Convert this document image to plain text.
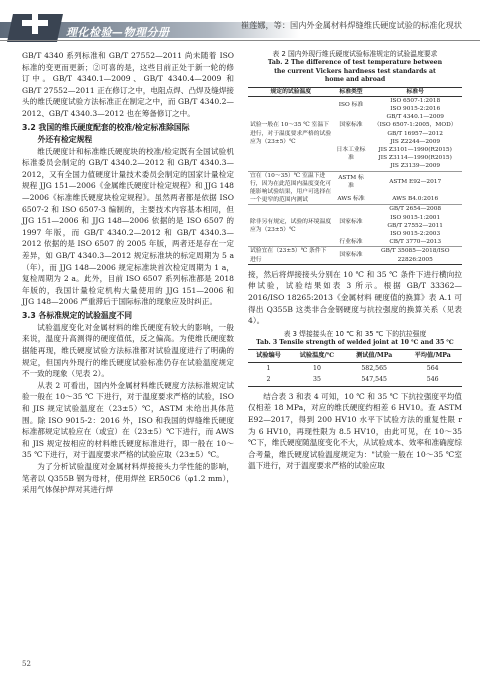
理化检验—物理分册
崔莲娜，等：国内外金属材料焊缝维氏硬度试验的标准化现状

GB/T 4340 系列标准和 GB/T 27552—2011 尚未随着 ISO 标准的变更而更新；②可喜的是，这些目前正处于新一轮的修订中。GB/T 4340.1—2009、GB/T 4340.4—2009 和 GB/T 27552—2011 正在修订之中，电阻点焊、凸焊及缝焊接头的维氏硬度试验方法标准正在制定之中，而 GB/T 4340.2—2012、GB/T 4340.3—2012 也在筹备修订之中。

3.2 我国的维氏硬度配套的校准/检定标准除国际
外还有检定规程

维氏硬度计和标准维氏硬度块的校准/检定既有全国试验机标准委员会制定的 GB/T 4340.2—2012 和 GB/T 4340.3—2012，又有全国力值硬度计量技术委员会制定的国家计量检定规程 JJG 151—2006《金属维氏硬度计检定规程》和 JJG 148—2006《标准维氏硬度块检定规程》。虽然两者都是依据 ISO 6507-2 和 ISO 6507-3 编制的，主要技术内容基本相同，但 JJG 151—2006 和 JJG 148—2006 依据的是 ISO 6507 的 1997 年版，而 GB/T 4340.2—2012 和 GB/T 4340.3—2012 依据的是 ISO 6507 的 2005 年版，两者还是存在一定差异，如 GB/T 4340.3—2012 规定标准块的标定周期为 5 a（年），而 JJG 148—2006 规定标准块首次检定周期为 1 a，复检周期为 2 a。此外，目前 ISO 6507 系列标准都是 2018 年版的，我国计量检定机构大量使用的 JJG 151—2006 和 JJG 148—2006 严重滞后于国际标准的现象应及时纠正。

3.3 各标准规定的试验温度不同

试验温度变化对金属材料的维氏硬度有较大的影响，一般来说，温度升高测得的硬度值低，反之偏高。为使维氏硬度数据能再现，维氏硬度试验方法标准都对试验温度进行了明确的规定，但国内外现行的维氏硬度试验标准仍存在试验温度规定不一致的现象（见表 2）。

从表 2 可看出，国内外金属材料维氏硬度方法标准规定试验一般在 10～35 ℃ 下进行，对于温度要求严格的试验，ISO 和 JIS 规定试验温度在（23±5）℃，ASTM 未给出具体范围。除 ISO 9015-2：2016 外，ISO 和我国的焊缝维氏硬度标准都规定试验应在（或宜）在（23±5）℃下进行，而 AWS 和 JIS 规定按相应的材料维氏硬度标准进行，即一般在 10～35 ℃下进行，对于温度要求严格的试验应取（23±5）℃。

为了分析试验温度对金属材料焊接接头力学性能的影响，笔者以 Q355B 钢为母材，使用焊丝 ER50C6（φ1.2 mm），采用气体保护焊对其进行焊

表 2 国内外现行维氏硬度试验标准规定的试验温度要求
Tab. 2 The difference of test temperature between
the current Vickers hardness test standards at
home and abroad
规定的试验温度	标准类型	标准号
试验一般在 10～35 ℃ 室温下进行，对于温度要求严格的试验应为（23±5）℃	ISO 标准	ISO 6507-1:2018
ISO 9015-2:2016
	国家标准	GB/T 4340.1—2009
（ISO 6507-1:2005，MOD）
GB/T 16957—2012
	日本工业标准	JIS Z2244—2009
JIS Z3101—1990(R2015)
JIS Z3114—1990(R2015)
JIS Z3139—2009
宜在（10～35）℃ 室温下进行，因为在此范围内温度变化可能影响试验结果，用户可选择在一个更窄的范围内测试	ASTM 标准	ASTM E92—2017
	AWS 标准	AWS B4.0:2016
除非另有规定，试验的环境温度应为（23±5）℃	国家标准	GB/T 2654—2008
ISO 9015-1:2001
GB/T 27552—2011
ISO 9015-2:2003
	行业标准	CB/T 3770—2013
试验宜在（23±5）℃ 条件下进行	国家标准	GB/T 35085—2018/ISO 22826:2005

接，然后将焊接接头分别在 10 ℃ 和 35 ℃ 条件下进行横向拉伸试验，试验结果如表 3 所示。根据 GB/T 33362—2016/ISO 18265:2013《金属材料 硬度值的换算》表 A.1 可得出 Q355B 这类非合金钢硬度与抗拉强度的换算关系（见表 4）。

表 3 焊接接头在 10 ℃ 和 35 ℃ 下的抗拉强度
Tab. 3 Tensile strength of welded joint at 10 ℃ and 35 ℃
试验编号	试验温度/℃	测试值/MPa	平均值/MPa
1	10	582,565	564
2	35	547,545	546

结合表 3 和表 4 可知，10 ℃ 和 35 ℃ 下抗拉强度平均值仅相差 18 MPa，对应的维氏硬度约相差 6 HV10。查 ASTM E92—2017，得到 200 HV10 水平下试验方法的重复性限 r 为 6 HV10，再现性限为 8.5 HV10，由此可见，在 10～35 ℃下，维氏硬度随温度变化不大，从试验成本、效率和准确度综合考量，维氏硬度试验温度规定为："试验一般在 10～35 ℃室温下进行，对于温度要求严格的试验应取

52
